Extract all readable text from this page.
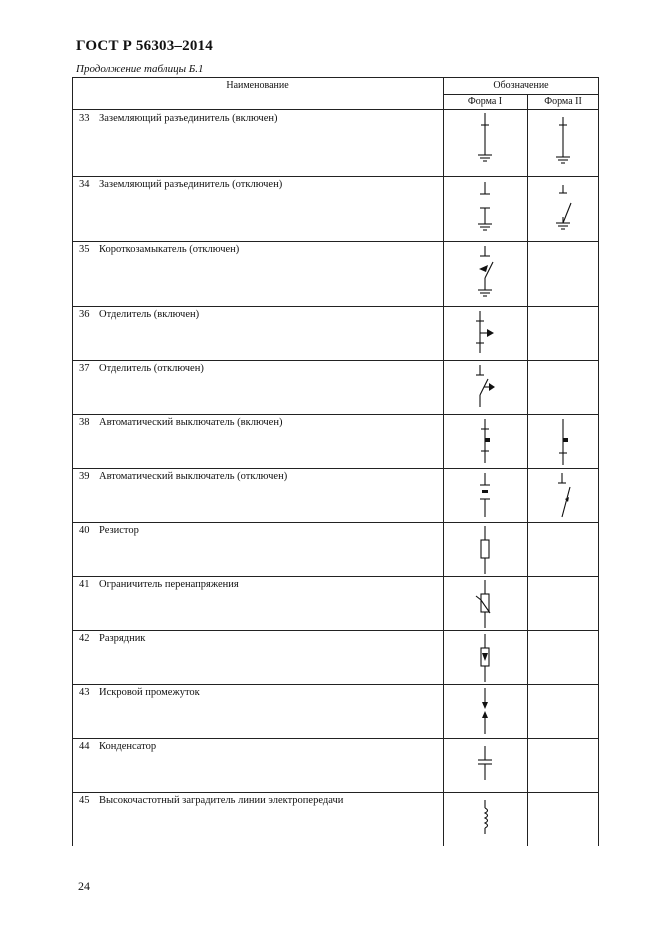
ГОСТ Р 56303–2014
Продолжение таблицы Б.1
Наименование	Обозначение
Форма I	Форма II
33 Заземляющий разъединитель (включен)
34 Заземляющий разъединитель (отключен)
35 Короткозамыкатель (отключен)
36 Отделитель (включен)
37 Отделитель (отключен)
38 Автоматический выключатель (включен)
39 Автоматический выключатель (отключен)
40 Резистор
41 Ограничитель перенапряжения
42 Разрядник
43 Искровой промежуток
44 Конденсатор
45 Высокочастотный заградитель линии электропередачи
24
